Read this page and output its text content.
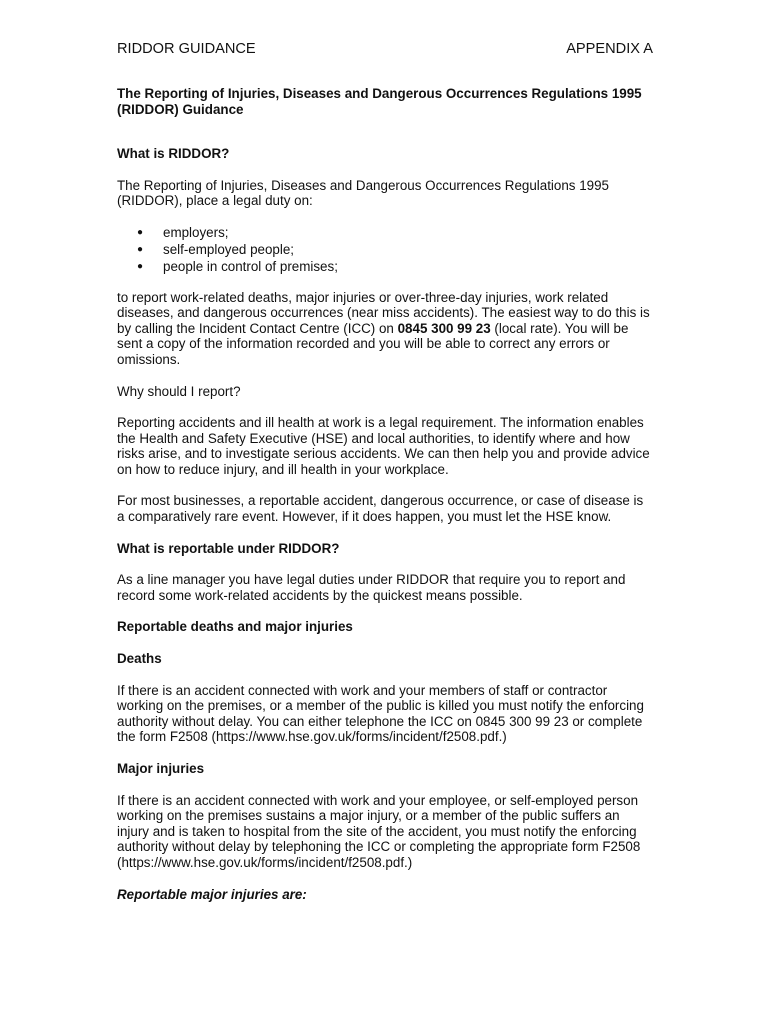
RIDDOR GUIDANCE	APPENDIX A
The Reporting of Injuries, Diseases and Dangerous Occurrences Regulations 1995 (RIDDOR) Guidance
What is RIDDOR?

The Reporting of Injuries, Diseases and Dangerous Occurrences Regulations 1995 (RIDDOR), place a legal duty on:

● employers;
● self-employed people;
● people in control of premises;

to report work-related deaths, major injuries or over-three-day injuries, work related diseases, and dangerous occurrences (near miss accidents). The easiest way to do this is by calling the Incident Contact Centre (ICC) on 0845 300 99 23 (local rate). You will be sent a copy of the information recorded and you will be able to correct any errors or omissions.

Why should I report?

Reporting accidents and ill health at work is a legal requirement. The information enables the Health and Safety Executive (HSE) and local authorities, to identify where and how risks arise, and to investigate serious accidents. We can then help you and provide advice on how to reduce injury, and ill health in your workplace.

For most businesses, a reportable accident, dangerous occurrence, or case of disease is a comparatively rare event. However, if it does happen, you must let the HSE know.

What is reportable under RIDDOR?

As a line manager you have legal duties under RIDDOR that require you to report and record some work-related accidents by the quickest means possible.

Reportable deaths and major injuries
Deaths

If there is an accident connected with work and your members of staff or contractor working on the premises, or a member of the public is killed you must notify the enforcing authority without delay. You can either telephone the ICC on 0845 300 99 23 or complete the form F2508 (https://www.hse.gov.uk/forms/incident/f2508.pdf.)

Major injuries

If there is an accident connected with work and your employee, or self-employed person working on the premises sustains a major injury, or a member of the public suffers an injury and is taken to hospital from the site of the accident, you must notify the enforcing authority without delay by telephoning the ICC or completing the appropriate form F2508 (https://www.hse.gov.uk/forms/incident/f2508.pdf.)

Reportable major injuries are:
